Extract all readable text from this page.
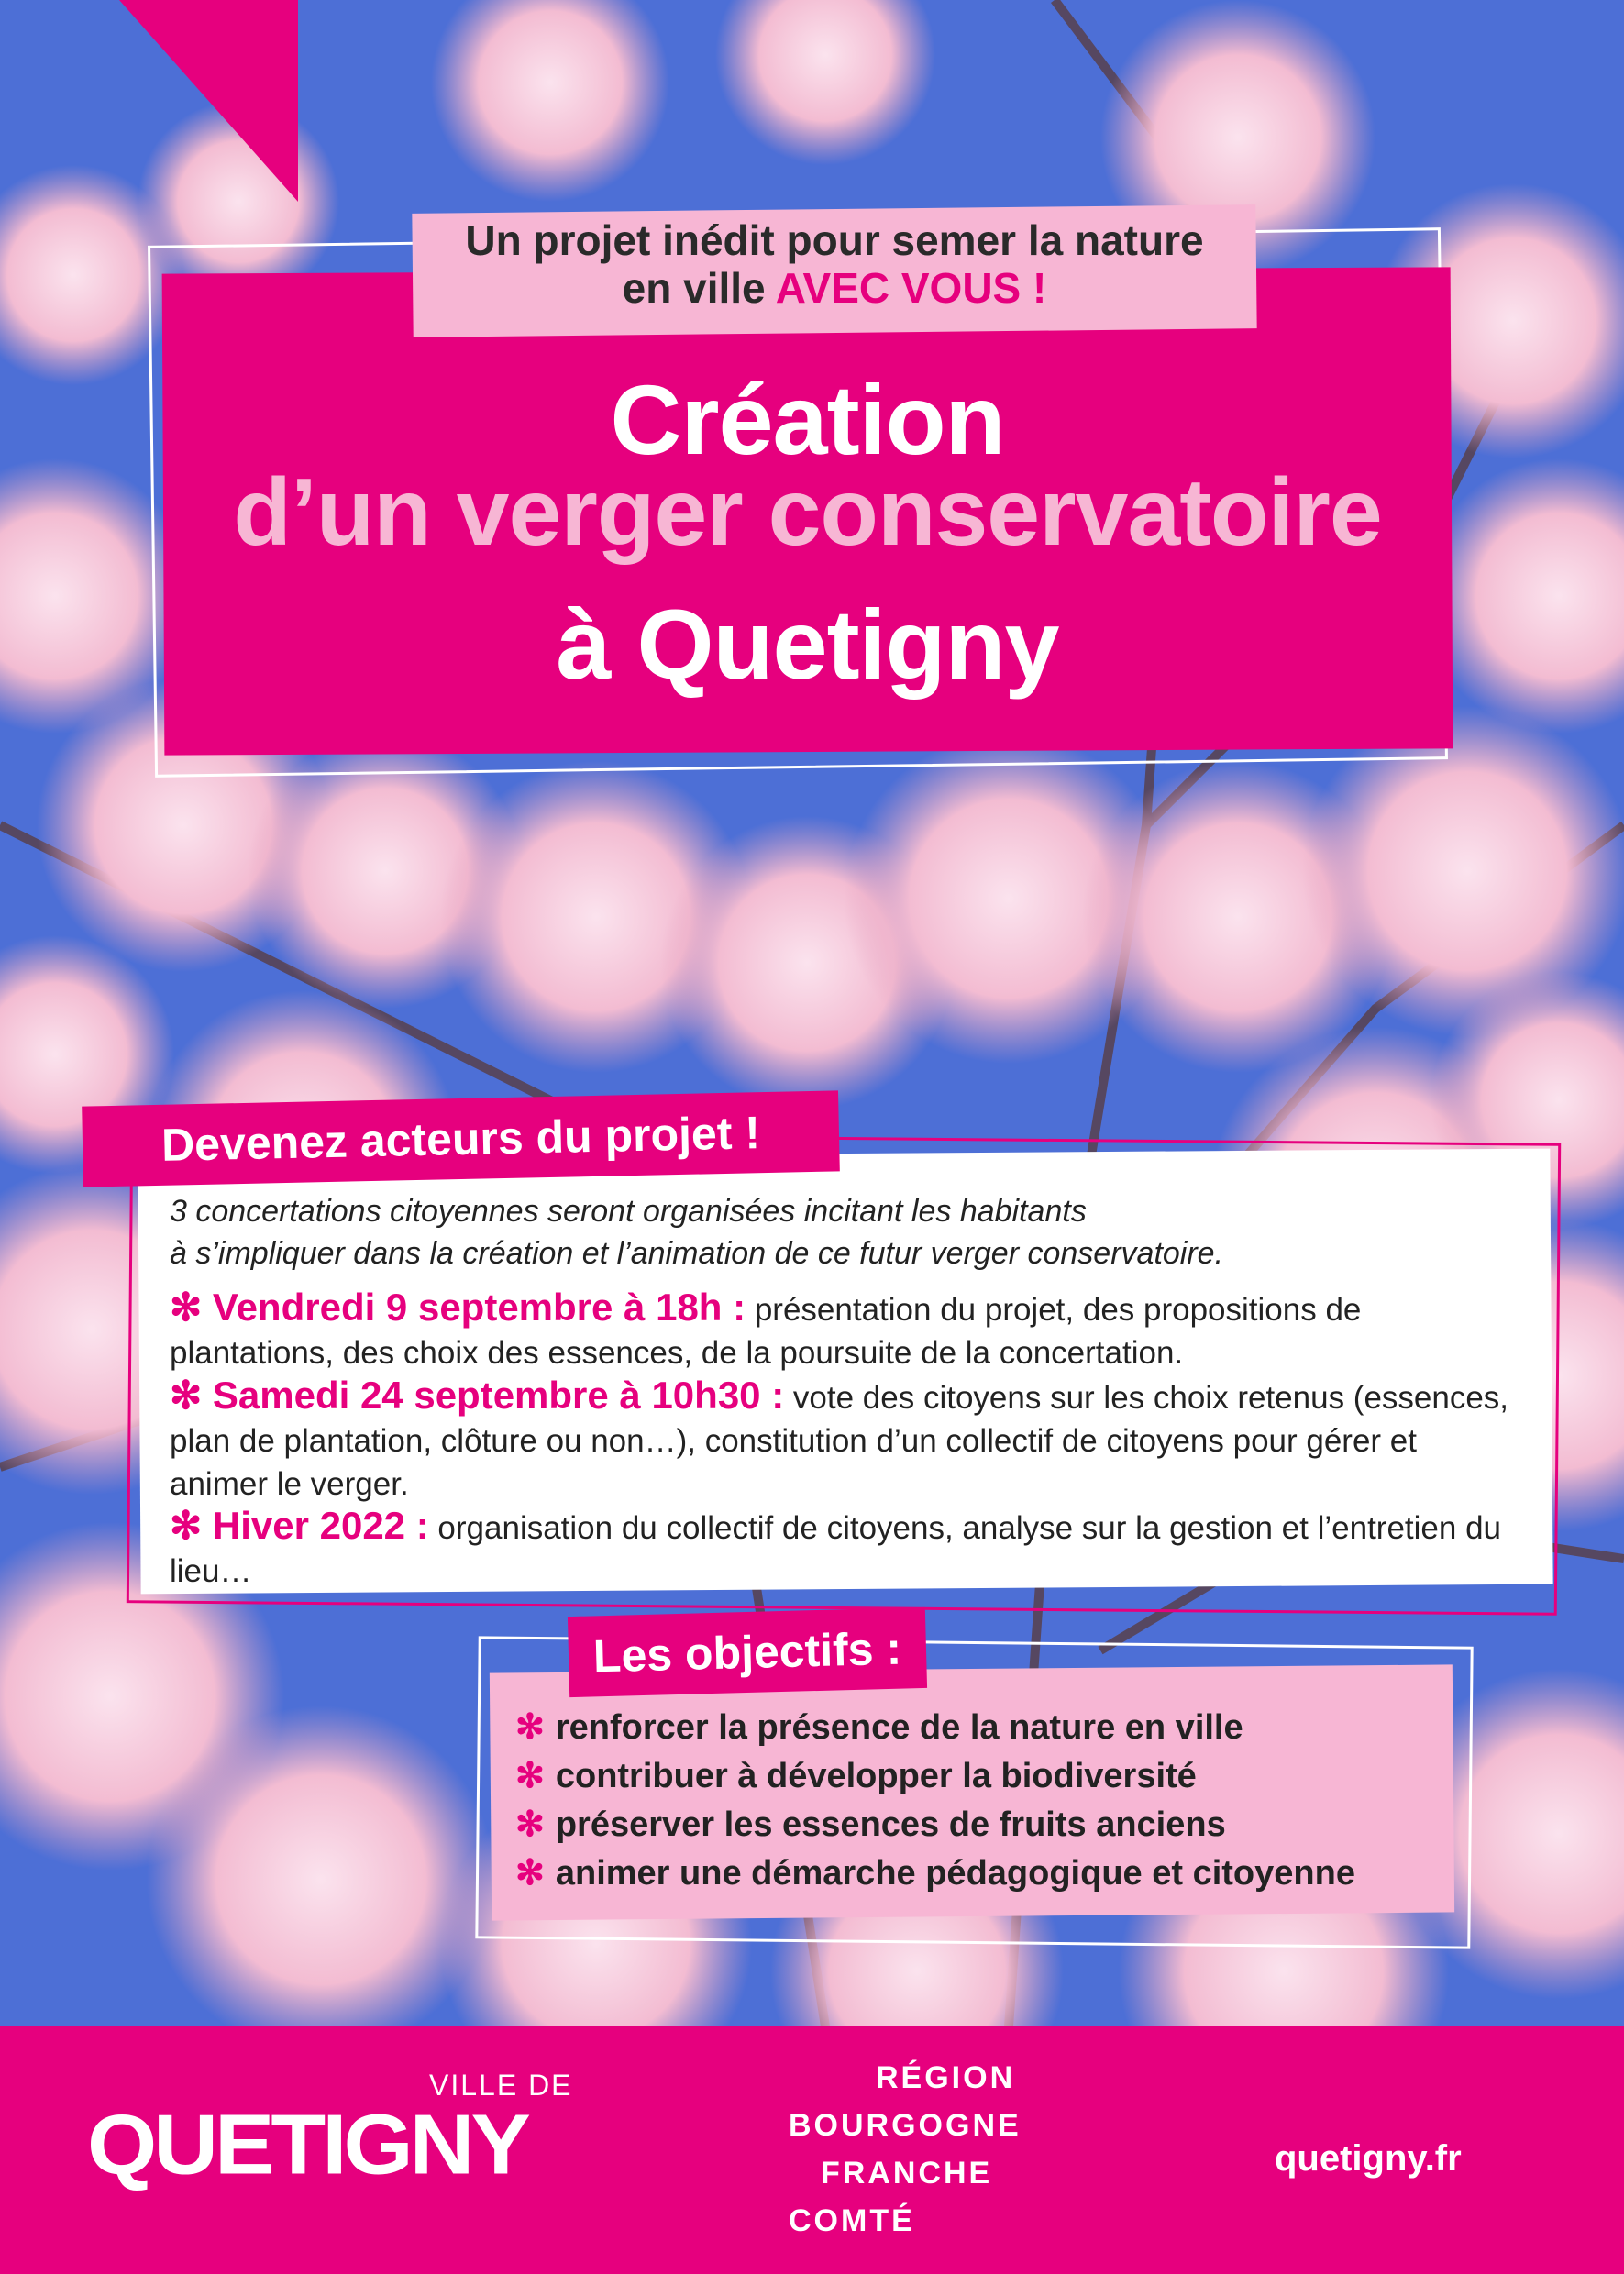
Un projet inédit pour semer la nature
en ville AVEC VOUS !
Création
d’un verger conservatoire
à Quetigny
Devenez acteurs du projet !
3 concertations citoyennes seront organisées incitant les habitants
à s’impliquer dans la création et l’animation de ce futur verger conservatoire.
✻ Vendredi 9 septembre à 18h : présentation du projet, des propositions de plantations, des choix des essences, de la poursuite de la concertation.
✻ Samedi 24 septembre à 10h30 : vote des citoyens sur les choix retenus (essences, plan de plantation, clôture ou non…), constitution d’un collectif de citoyens pour gérer et animer le verger.
✻ Hiver 2022 : organisation du collectif de citoyens, analyse sur la gestion et l’entretien du lieu…
Les objectifs :
✻ renforcer la présence de la nature en ville
✻ contribuer à développer la biodiversité
✻ préserver les essences de fruits anciens
✻ animer une démarche pédagogique et citoyenne
VILLE DE
QUETIGNY
RÉGION
BOURGOGNE
FRANCHE
COMTÉ
quetigny.fr
